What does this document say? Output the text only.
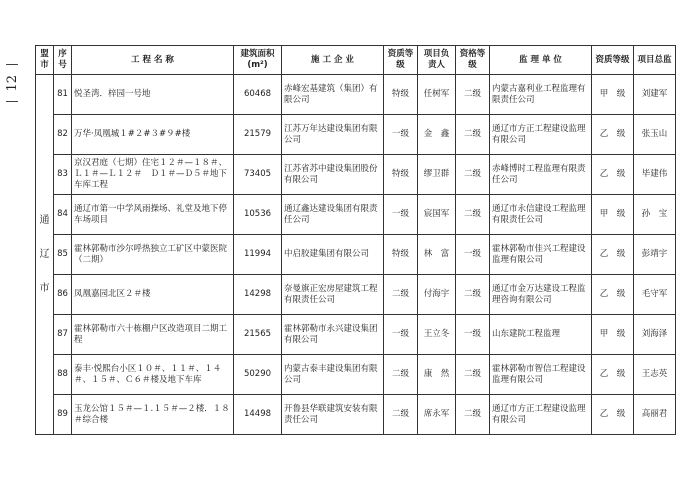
—
12
—
盟市	序号	工 程 名 称	建筑面积(m²)	施 工 企 业	资质等级	项目负责人	资格等级	监 理 单 位	资质等级	项目总监

通
辽
市	81	悦圣湾．梓园一号地	60468	赤峰宏基建筑（集团）有限公司	特级	任树军	二级	内蒙古嘉利业工程监理有限责任公司	甲　级	刘建军
	82	万华·凤凰城１#２#３#９#楼	21579	江苏万年达建设集团有限公司	一级	金　鑫	二级	通辽市方正工程建设监理有限公司	乙　级	张玉山
	83	京汉君庭（七期）住宅１２＃—１８＃、Ｌ１＃—Ｌ１２＃　Ｄ１＃—Ｄ５＃地下车库工程	73405	江苏省苏中建设集团股份有限公司	特级	缪卫群	二级	赤峰博时工程监理有限责任公司	乙　级	毕建伟
	84	通辽市第一中学风雨操场、礼堂及地下停车场项目	10536	通辽鑫达建设集团有限责任公司	一级	宸国军	二级	通辽市永信建设工程监理有限责任公司	甲　级	孙　宝
	85	霍林郭勒市沙尔呼热独立工矿区中蒙医院（二期）	11994	中启胶建集团有限公司	特级	林　富	一级	霍林郭勒市佳兴工程建设监理有限公司	乙　级	彭靖宇
	86	凤凰嘉园北区２＃楼	14298	奈曼旗正宏房屋建筑工程有限责任公司	二级	付海宇	二级	通辽市金万达建设工程监理咨询有限公司	乙　级	毛守军
	87	霍林郭勒市六十栋棚户区改造项目二期工程	21565	霍林郭勒市永兴建设集团有限公司	一级	王立冬	一级	山东建院工程监理	甲　级	刘海泽
	88	泰丰·悦熙台小区１０＃、１１＃、１４＃、１５＃、Ｃ６＃楼及地下车库	50290	内蒙古泰丰建设集团有限公司	二级	康　然	二级	霍林郭勒市智信工程建设监理有限公司	乙　级	王志英
	89	玉龙公馆１５＃—１.１５＃—２楼．１８＃综合楼	14498	开鲁县华联建筑安装有限责任公司	二级	席永军	二级	通辽市方正工程建设监理有限公司	乙　级	高丽君
